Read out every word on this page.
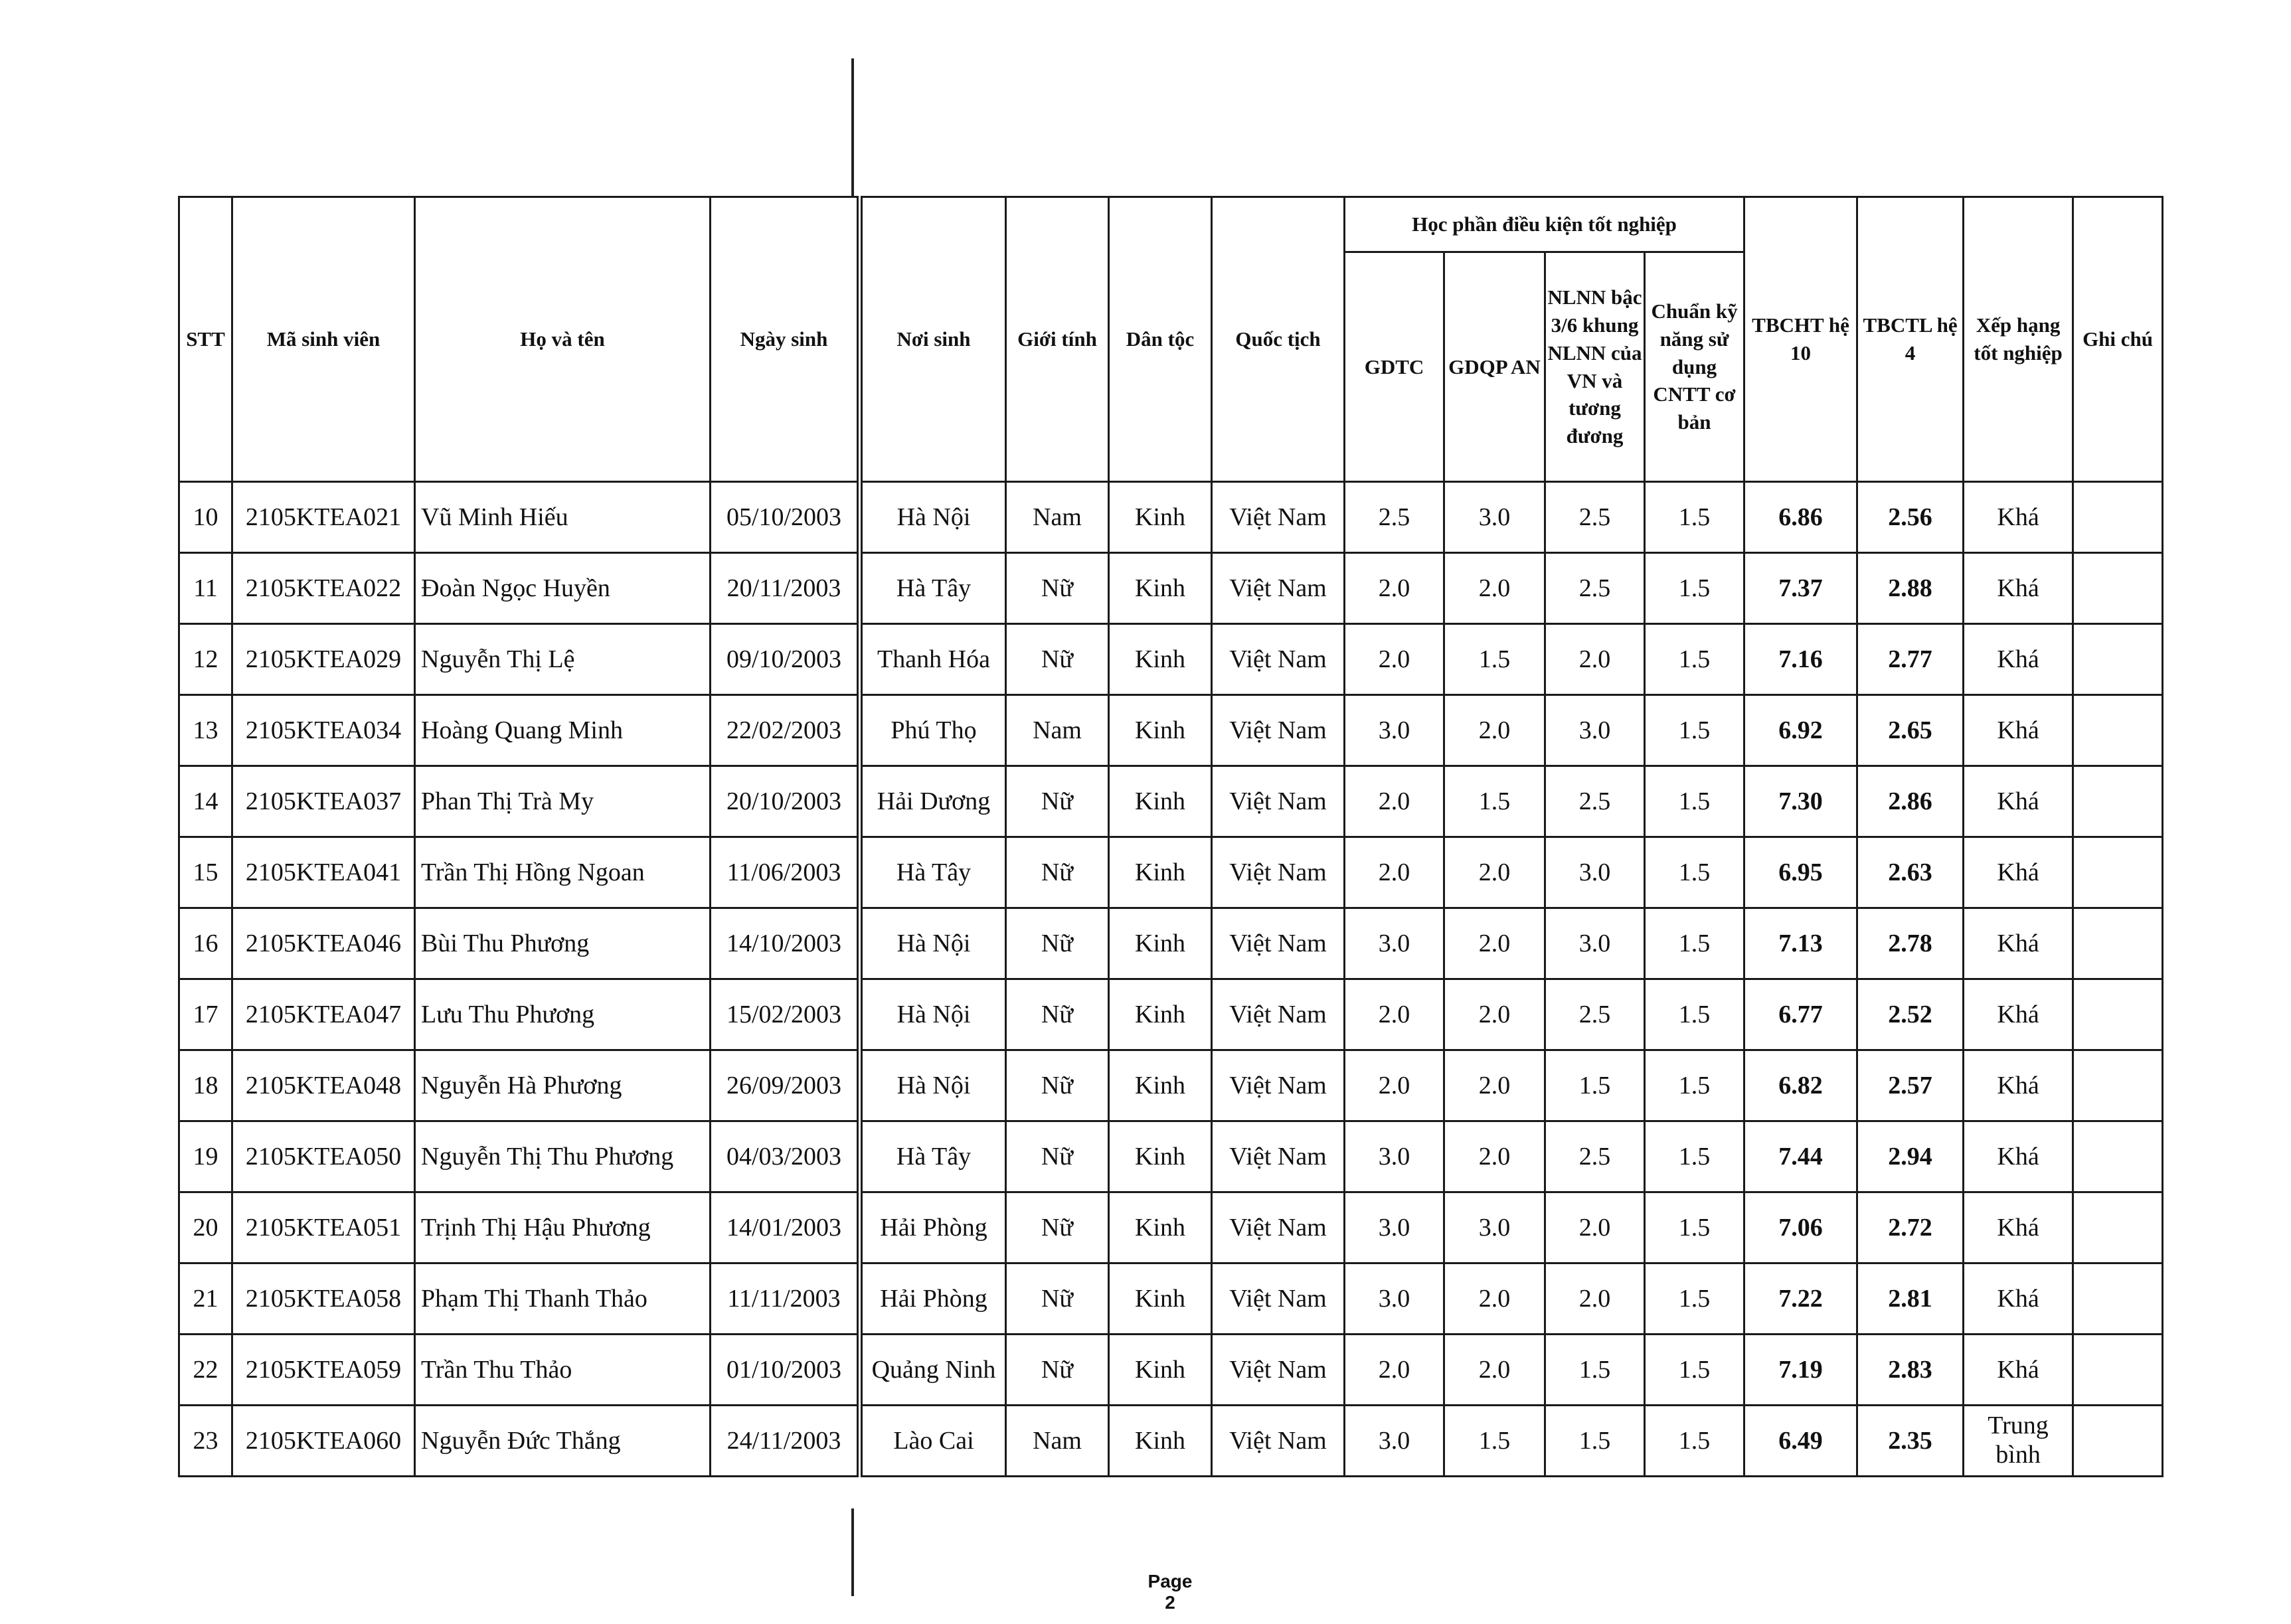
STT	Mã sinh viên	Họ và tên	Ngày sinh	Nơi sinh	Giới tính	Dân tộc	Quốc tịch	Học phần điều kiện tốt nghiệp				TBCHT hệ 10	TBCTL hệ 4	Xếp hạng tốt nghiệp	Ghi chú
								GDTC	GDQP AN	NLNN bậc 3/6 khung NLNN của VN và tương đương	Chuẩn kỹ năng sử dụng CNTT cơ bản				
10	2105KTEA021	Vũ Minh Hiếu	05/10/2003	Hà Nội	Nam	Kinh	Việt Nam	2.5	3.0	2.5	1.5	6.86	2.56	Khá	
11	2105KTEA022	Đoàn Ngọc Huyền	20/11/2003	Hà Tây	Nữ	Kinh	Việt Nam	2.0	2.0	2.5	1.5	7.37	2.88	Khá	
12	2105KTEA029	Nguyễn Thị Lệ	09/10/2003	Thanh Hóa	Nữ	Kinh	Việt Nam	2.0	1.5	2.0	1.5	7.16	2.77	Khá	
13	2105KTEA034	Hoàng Quang Minh	22/02/2003	Phú Thọ	Nam	Kinh	Việt Nam	3.0	2.0	3.0	1.5	6.92	2.65	Khá	
14	2105KTEA037	Phan Thị Trà My	20/10/2003	Hải Dương	Nữ	Kinh	Việt Nam	2.0	1.5	2.5	1.5	7.30	2.86	Khá	
15	2105KTEA041	Trần Thị Hồng Ngoan	11/06/2003	Hà Tây	Nữ	Kinh	Việt Nam	2.0	2.0	3.0	1.5	6.95	2.63	Khá	
16	2105KTEA046	Bùi Thu Phương	14/10/2003	Hà Nội	Nữ	Kinh	Việt Nam	3.0	2.0	3.0	1.5	7.13	2.78	Khá	
17	2105KTEA047	Lưu Thu Phương	15/02/2003	Hà Nội	Nữ	Kinh	Việt Nam	2.0	2.0	2.5	1.5	6.77	2.52	Khá	
18	2105KTEA048	Nguyễn Hà Phương	26/09/2003	Hà Nội	Nữ	Kinh	Việt Nam	2.0	2.0	1.5	1.5	6.82	2.57	Khá	
19	2105KTEA050	Nguyễn Thị Thu Phương	04/03/2003	Hà Tây	Nữ	Kinh	Việt Nam	3.0	2.0	2.5	1.5	7.44	2.94	Khá	
20	2105KTEA051	Trịnh Thị Hậu Phương	14/01/2003	Hải Phòng	Nữ	Kinh	Việt Nam	3.0	3.0	2.0	1.5	7.06	2.72	Khá	
21	2105KTEA058	Phạm Thị Thanh Thảo	11/11/2003	Hải Phòng	Nữ	Kinh	Việt Nam	3.0	2.0	2.0	1.5	7.22	2.81	Khá	
22	2105KTEA059	Trần Thu Thảo	01/10/2003	Quảng Ninh	Nữ	Kinh	Việt Nam	2.0	2.0	1.5	1.5	7.19	2.83	Khá	
23	2105KTEA060	Nguyễn Đức Thắng	24/11/2003	Lào Cai	Nam	Kinh	Việt Nam	3.0	1.5	1.5	1.5	6.49	2.35	Trung bình	
Page 2
